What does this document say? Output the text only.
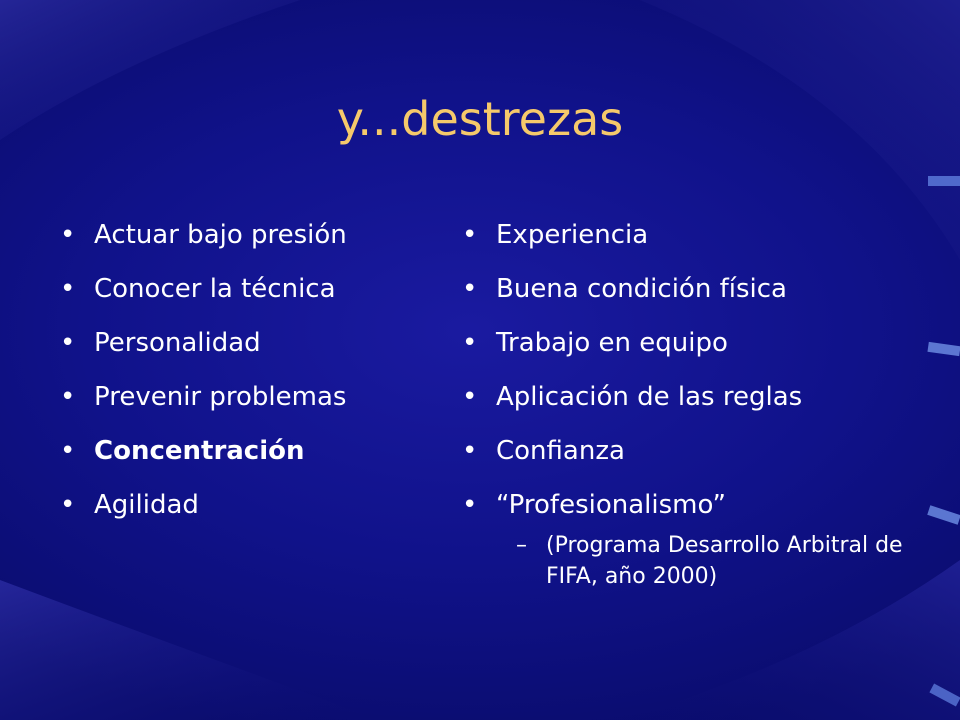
y...destrezas
• Actuar bajo presión
• Conocer la técnica
• Personalidad
• Prevenir problemas
• Concentración
• Agilidad
• Experiencia
• Buena condición física
• Trabajo en equipo
• Aplicación de las reglas
• Confianza
• “Profesionalismo”
– (Programa Desarrollo Arbitral de FIFA, año 2000)
